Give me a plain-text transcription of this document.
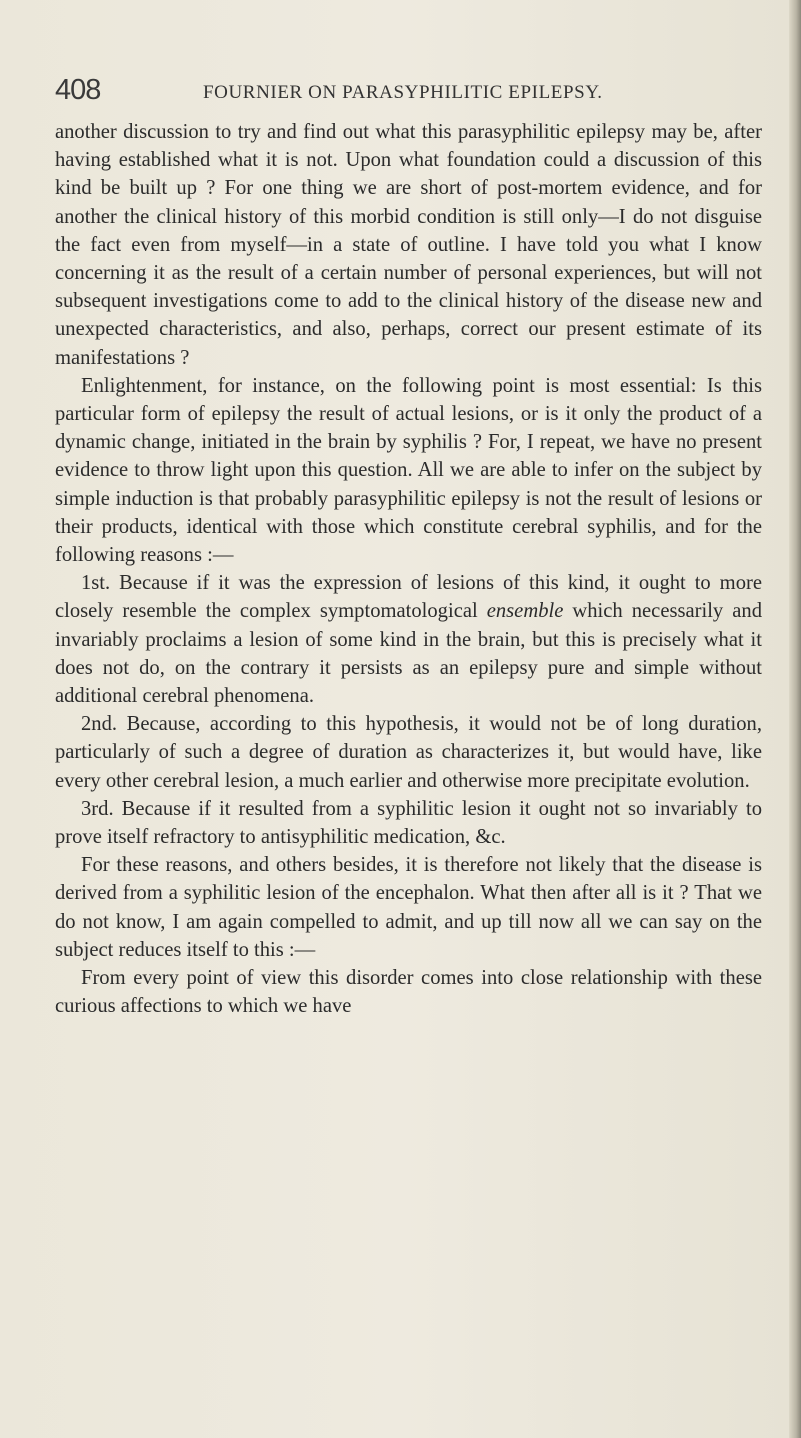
408	FOURNIER ON PARASYPHILITIC EPILEPSY.

another discussion to try and find out what this parasyphilitic epilepsy may be, after having established what it is not. Upon what foundation could a discussion of this kind be built up ? For one thing we are short of post-mortem evidence, and for another the clinical history of this morbid condition is still only—I do not disguise the fact even from myself—in a state of outline. I have told you what I know concerning it as the result of a certain number of personal experiences, but will not subsequent investigations come to add to the clinical history of the disease new and unexpected characteristics, and also, perhaps, correct our present estimate of its manifestations ?

Enlightenment, for instance, on the following point is most essential: Is this particular form of epilepsy the result of actual lesions, or is it only the product of a dynamic change, initiated in the brain by syphilis ? For, I repeat, we have no present evidence to throw light upon this question. All we are able to infer on the subject by simple induction is that probably parasyphilitic epilepsy is not the result of lesions or their products, identical with those which constitute cerebral syphilis, and for the following reasons :—

1st. Because if it was the expression of lesions of this kind, it ought to more closely resemble the complex symptomatological ensemble which necessarily and invariably proclaims a lesion of some kind in the brain, but this is precisely what it does not do, on the contrary it persists as an epilepsy pure and simple without additional cerebral phenomena.

2nd. Because, according to this hypothesis, it would not be of long duration, particularly of such a degree of duration as characterizes it, but would have, like every other cerebral lesion, a much earlier and otherwise more precipitate evolution.

3rd. Because if it resulted from a syphilitic lesion it ought not so invariably to prove itself refractory to antisyphilitic medication, &c.

For these reasons, and others besides, it is therefore not likely that the disease is derived from a syphilitic lesion of the encephalon. What then after all is it ? That we do not know, I am again compelled to admit, and up till now all we can say on the subject reduces itself to this :—

From every point of view this disorder comes into close relationship with these curious affections to which we have
